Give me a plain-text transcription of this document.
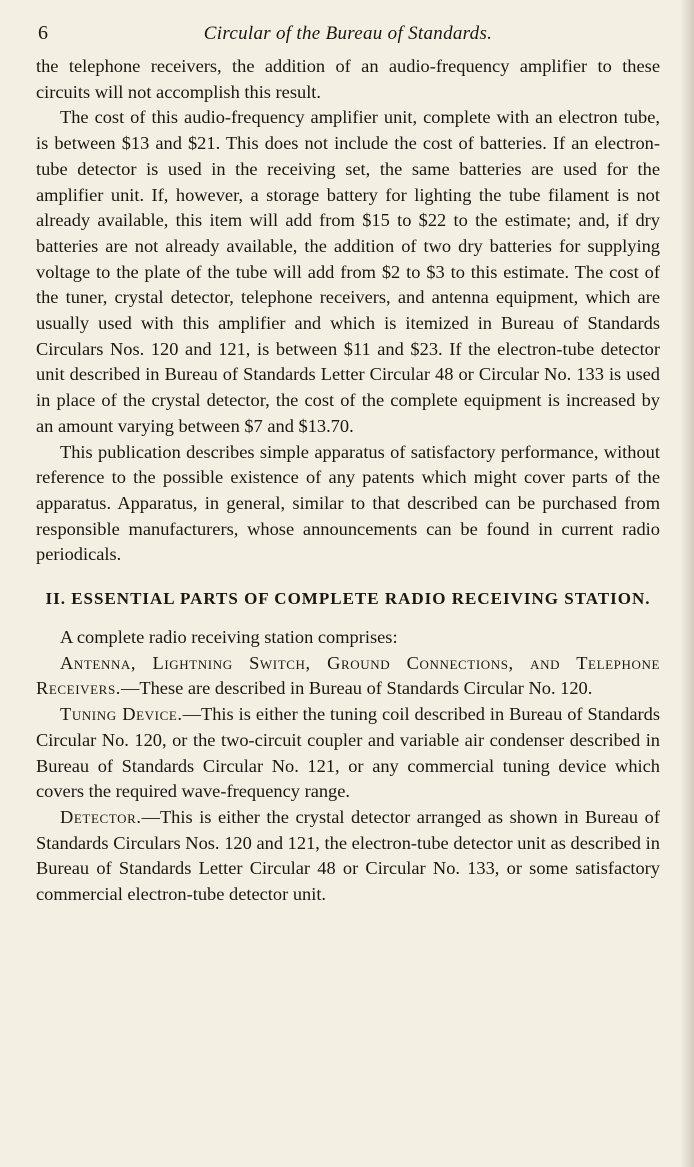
6	Circular of the Bureau of Standards.

the telephone receivers, the addition of an audio-frequency amplifier to these circuits will not accomplish this result.

The cost of this audio-frequency amplifier unit, complete with an electron tube, is between $13 and $21. This does not include the cost of batteries. If an electron-tube detector is used in the receiving set, the same batteries are used for the amplifier unit. If, however, a storage battery for lighting the tube filament is not already available, this item will add from $15 to $22 to the estimate; and, if dry batteries are not already available, the addition of two dry batteries for supplying voltage to the plate of the tube will add from $2 to $3 to this estimate. The cost of the tuner, crystal detector, telephone receivers, and antenna equipment, which are usually used with this amplifier and which is itemized in Bureau of Standards Circulars Nos. 120 and 121, is between $11 and $23. If the electron-tube detector unit described in Bureau of Standards Letter Circular 48 or Circular No. 133 is used in place of the crystal detector, the cost of the complete equipment is increased by an amount varying between $7 and $13.70.

This publication describes simple apparatus of satisfactory performance, without reference to the possible existence of any patents which might cover parts of the apparatus. Apparatus, in general, similar to that described can be purchased from responsible manufacturers, whose announcements can be found in current radio periodicals.

II. ESSENTIAL PARTS OF COMPLETE RADIO RECEIVING STATION.

A complete radio receiving station comprises:

Antenna, Lightning Switch, Ground Connections, and Telephone Receivers.—These are described in Bureau of Standards Circular No. 120.

Tuning Device.—This is either the tuning coil described in Bureau of Standards Circular No. 120, or the two-circuit coupler and variable air condenser described in Bureau of Standards Circular No. 121, or any commercial tuning device which covers the required wave-frequency range.

Detector.—This is either the crystal detector arranged as shown in Bureau of Standards Circulars Nos. 120 and 121, the electron-tube detector unit as described in Bureau of Standards Letter Circular 48 or Circular No. 133, or some satisfactory commercial electron-tube detector unit.
